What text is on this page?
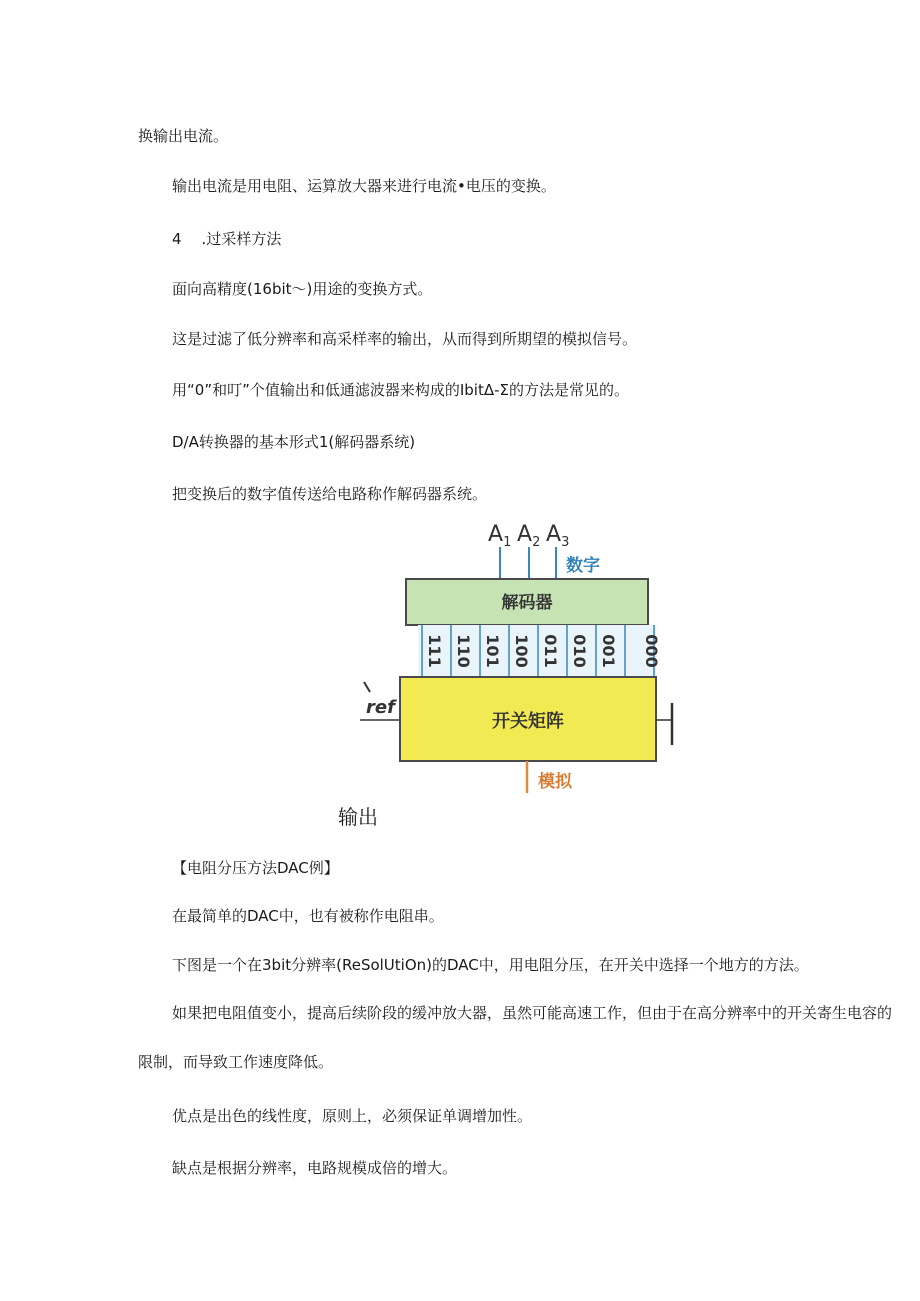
换输出电流。
输出电流是用电阻、运算放大器来进行电流•电压的变换。
4 .过采样方法
面向高精度(16bit～)用途的变换方式。
这是过滤了低分辨率和高采样率的输出，从而得到所期望的模拟信号。
用“0”和叮”个值输出和低通滤波器来构成的IbitΔ-Σ的方法是常见的。
D/A转换器的基本形式1(解码器系统)
把变换后的数字值传送给电路称作解码器系统。
$A_1$ $A_2$ $A_3$
数字
解码器
111 110 101 100 011 010 001 000
ref
开关矩阵
模拟
输出
【电阻分压方法DAC例】
在最简单的DAC中，也有被称作电阻串。
下图是一个在3bit分辨率(ReSolUtiOn)的DAC中，用电阻分压，在开关中选择一个地方的方法。
如果把电阻值变小，提高后续阶段的缓冲放大器，虽然可能高速工作，但由于在高分辨率中的开关寄生电容的
限制，而导致工作速度降低。
优点是出色的线性度，原则上，必须保证单调增加性。
缺点是根据分辨率，电路规模成倍的增大。
